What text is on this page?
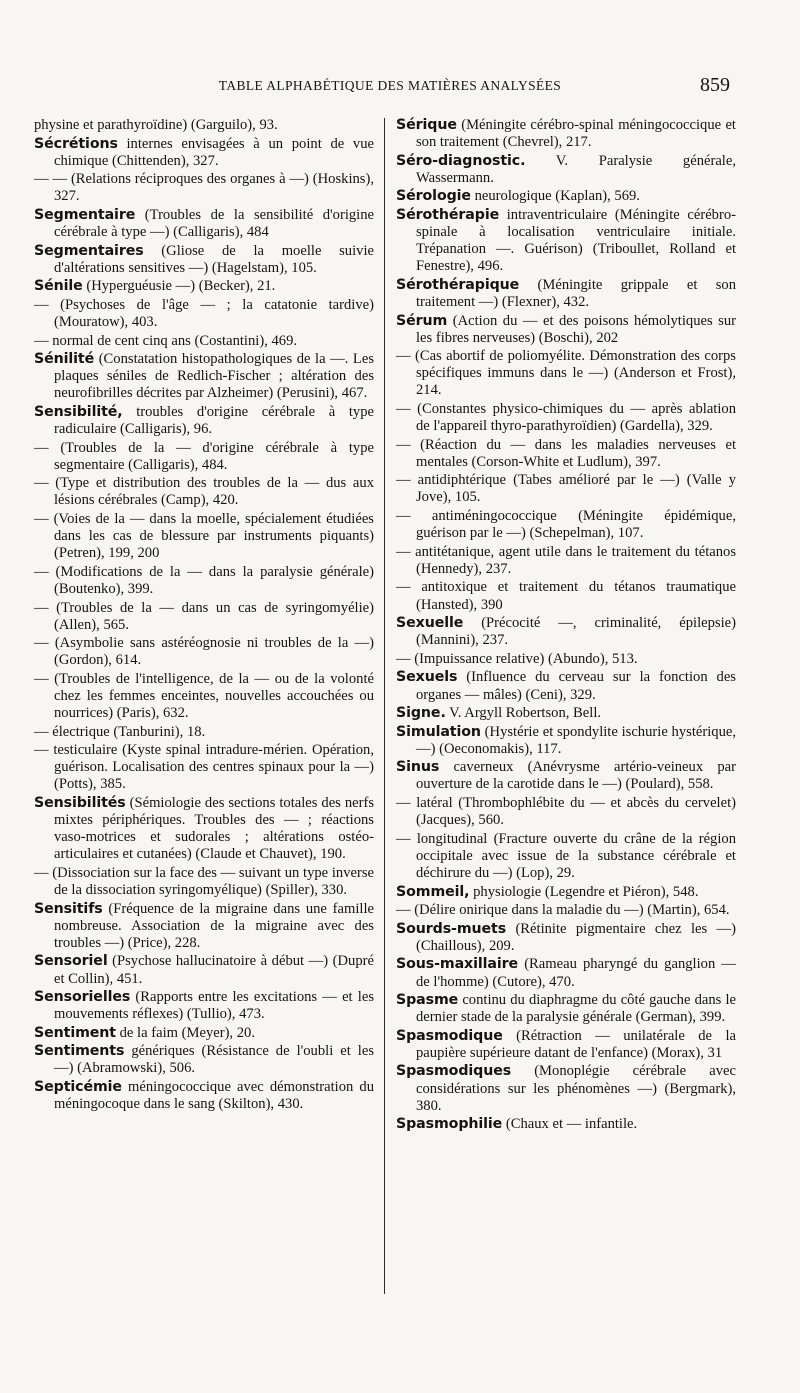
TABLE ALPHABÉTIQUE DES MATIÈRES ANALYSÉES	859

physine et parathyroïdine) (Garguilo), 93.

Sécrétions internes envisagées à un point de vue chimique (Chittenden), 327.

— — (Relations réciproques des organes à —) (Hoskins), 327.

Segmentaire (Troubles de la sensibilité d'origine cérébrale à type —) (Calligaris), 484

Segmentaires (Gliose de la moelle suivie d'altérations sensitives —) (Hagelstam), 105.

Sénile (Hyperguéusie —) (Becker), 21.

— (Psychoses de l'âge — ; la catatonie tardive) (Mouratow), 403.

— normal de cent cinq ans (Costantini), 469.

Sénilité (Constatation histopathologiques de la —. Les plaques séniles de Redlich-Fischer ; altération des neurofibrilles décrites par Alzheimer) (Perusini), 467.

Sensibilité, troubles d'origine cérébrale à type radiculaire (Calligaris), 96.

— (Troubles de la — d'origine cérébrale à type segmentaire (Calligaris), 484.

— (Type et distribution des troubles de la — dus aux lésions cérébrales (Camp), 420.

— (Voies de la — dans la moelle, spécialement étudiées dans les cas de blessure par instruments piquants) (Petren), 199, 200

— (Modifications de la — dans la paralysie générale) (Boutenko), 399.

— (Troubles de la — dans un cas de syringomyélie) (Allen), 565.

— (Asymbolie sans astéréognosie ni troubles de la —) (Gordon), 614.

— (Troubles de l'intelligence, de la — ou de la volonté chez les femmes enceintes, nouvelles accouchées ou nourrices) (Paris), 632.

— électrique (Tanburini), 18.

— testiculaire (Kyste spinal intradure-mérien. Opération, guérison. Localisation des centres spinaux pour la —) (Potts), 385.

Sensibilités (Sémiologie des sections totales des nerfs mixtes périphériques. Troubles des — ; réactions vaso-motrices et sudorales ; altérations ostéo-articulaires et cutanées) (Claude et Chauvet), 190.

— (Dissociation sur la face des — suivant un type inverse de la dissociation syringomyélique) (Spiller), 330.

Sensitifs (Fréquence de la migraine dans une famille nombreuse. Association de la migraine avec des troubles —) (Price), 228.

Sensoriel (Psychose hallucinatoire à début —) (Dupré et Collin), 451.

Sensorielles (Rapports entre les excitations — et les mouvements réflexes) (Tullio), 473.

Sentiment de la faim (Meyer), 20.

Sentiments génériques (Résistance de l'oubli et les —) (Abramowski), 506.

Septicémie méningococcique avec démonstration du méningocoque dans le sang (Skilton), 430.

Sérique (Méningite cérébro-spinal méningococcique et son traitement (Chevrel), 217.

Séro-diagnostic. V. Paralysie générale, Wassermann.

Sérologie neurologique (Kaplan), 569.

Sérothérapie intraventriculaire (Méningite cérébro-spinale à localisation ventriculaire initiale. Trépanation —. Guérison) (Triboullet, Rolland et Fenestre), 496.

Sérothérapique (Méningite grippale et son traitement —) (Flexner), 432.

Sérum (Action du — et des poisons hémolytiques sur les fibres nerveuses) (Boschi), 202

— (Cas abortif de poliomyélite. Démonstration des corps spécifiques immuns dans le —) (Anderson et Frost), 214.

— (Constantes physico-chimiques du — après ablation de l'appareil thyro-parathyroïdien) (Gardella), 329.

— (Réaction du — dans les maladies nerveuses et mentales (Corson-White et Ludlum), 397.

— antidiphtérique (Tabes amélioré par le —) (Valle y Jove), 105.

— antiméningococcique (Méningite épidémique, guérison par le —) (Schepelman), 107.

— antitétanique, agent utile dans le traitement du tétanos (Hennedy), 237.

— antitoxique et traitement du tétanos traumatique (Hansted), 390

Sexuelle (Précocité —, criminalité, épilepsie) (Mannini), 237.

— (Impuissance relative) (Abundo), 513.

Sexuels (Influence du cerveau sur la fonction des organes — mâles) (Ceni), 329.

Signe. V. Argyll Robertson, Bell.

Simulation (Hystérie et spondylite ischurie hystérique, —) (Oeconomakis), 117.

Sinus caverneux (Anévrysme artério-veineux par ouverture de la carotide dans le —) (Poulard), 558.

— latéral (Thrombophlébite du — et abcès du cervelet) (Jacques), 560.

— longitudinal (Fracture ouverte du crâne de la région occipitale avec issue de la substance cérébrale et déchirure du —) (Lop), 29.

Sommeil, physiologie (Legendre et Piéron), 548.

— (Délire onirique dans la maladie du —) (Martin), 654.

Sourds-muets (Rétinite pigmentaire chez les —) (Chaillous), 209.

Sous-maxillaire (Rameau pharyngé du ganglion — de l'homme) (Cutore), 470.

Spasme continu du diaphragme du côté gauche dans le dernier stade de la paralysie générale (German), 399.

Spasmodique (Rétraction — unilatérale de la paupière supérieure datant de l'enfance) (Morax), 31

Spasmodiques (Monoplégie cérébrale avec considérations sur les phénomènes —) (Bergmark), 380.

Spasmophilie (Chaux et — infantile.
